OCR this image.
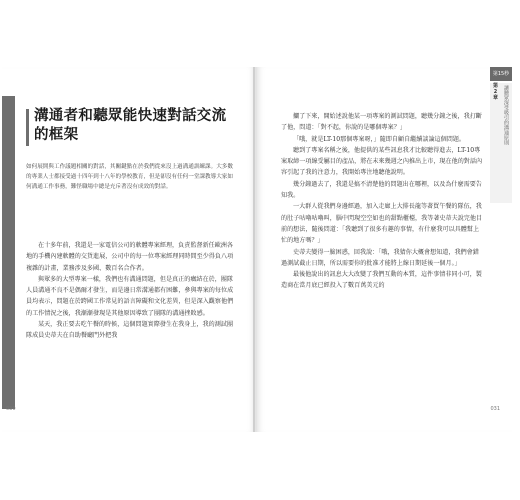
溝通者和聽眾能快速對話交流的框架

如何展開與工作議題相關的對話，其關鍵點在於我們從來沒上過溝通訓練課。大多數的專業人士都接受過十四年到十八年的學校教育，但是卻沒有任何一堂課教導大家如何溝通工作事務，難怪職場中總是充斥著沒有成效的對話。

在十多年前，我還是一家電信公司的軟體專案經理，負責監督新任歐洲各地的手機內建軟體的交貨進展，公司中的每一位專案經理同時間至少得負八項複雜的計畫，業務涉及多國、數百名合作者。

與眾多的大型專案一樣，我們也有溝通問題，但是真正的癥結在於，團隊人員溝通不良不是偶爾才發生，而是邊日常溝通都有困難，參與專案的每位成員均表示，問題在於跨國工作常見的語言障礙和文化差異，但是深入觀察他們的工作情況之後，我漸漸發現是其他原因導致了團隊的溝通挫敗感。

某天，我正要去吃午餐的時候，這個問題實際發生在我身上，我的測試團隊成員史蒂夫在自助餐廳門外把我

030
第15秒
第2章 讓聽眾深受吸引的溝通原則

攔了下來，開始述說他某一項專案的測試問題，聽幾分鐘之後，我打斷了他，問道：「對不起，你說的是哪個專案？」

「哦，就是LT-10那個專案呀，」隨即自顧自繼續談論這個問題。

聽到了專案名稱之後，他提供的某些訊息我才比較聽得進去，LT-10專案取締一項線受屬目的產品，將在未來幾週之內推出上市，現在他的對話內容引起了我的注意力，我開始專注地聽他說明。

幾分鐘過去了，我還是搞不清楚他的問題出在哪裡，以及為什麼需要告知我。

一大群人從我們身邊經過，加入走廊上大排長龍等著買午餐的隊伍，我的肚子咕嚕咕嚕叫，腦中閃現空空如也的甜點櫃檯，我等著史蒂夫說完他目前的想法，隨後問道：「我聽到了很多有趣的事情，有什麼我可以具體幫上忙的地方嗎？」

史蒂夫變得一臉困惑，回我說：「哦，我猜你大概會想知道，我們會錯過測試截止日期，所以需要你的批准才能將上線日期延後一個月。」

最後他說出的訊息大大改變了我們互動的本質，這件事情非同小可，製造商在當月底已經投入了數百萬美元的

031
